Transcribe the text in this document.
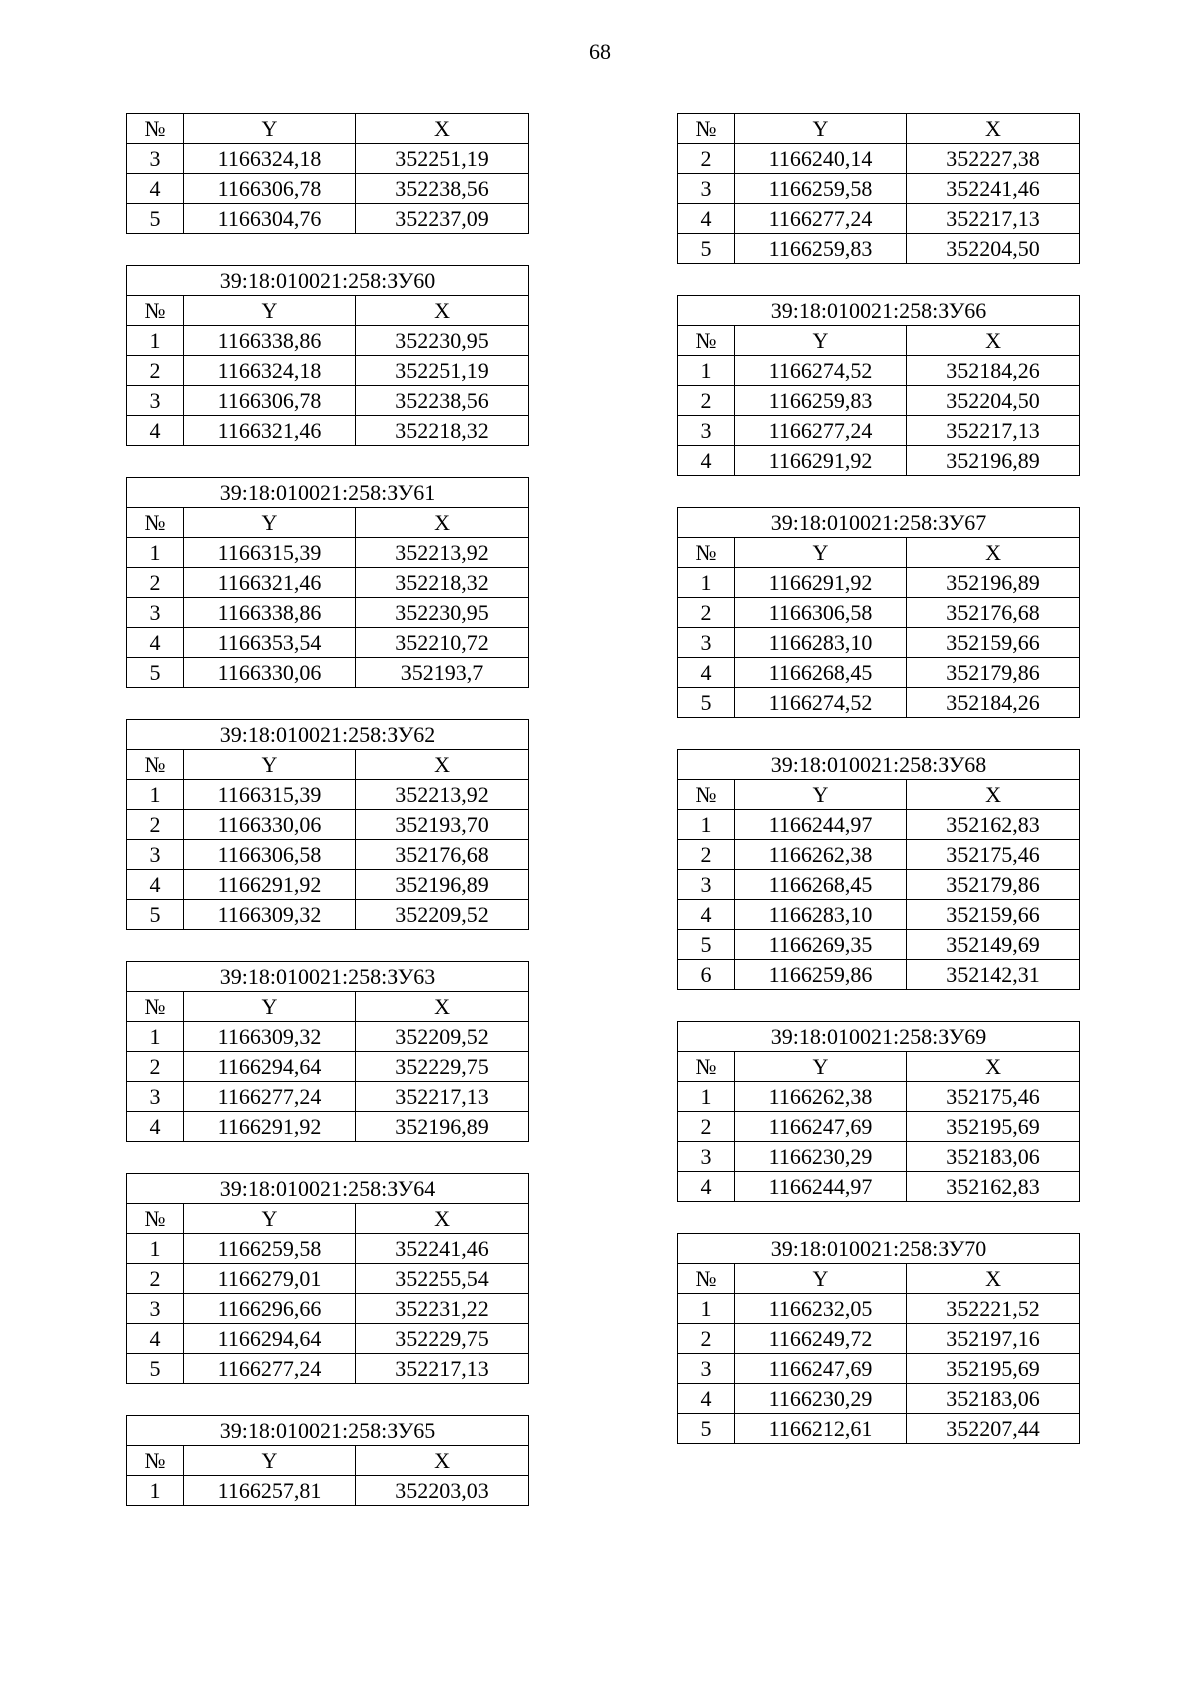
68
№	Y	X
3	1166324,18	352251,19
4	1166306,78	352238,56
5	1166304,76	352237,09
39:18:010021:258:ЗУ60		
№	Y	X
1	1166338,86	352230,95
2	1166324,18	352251,19
3	1166306,78	352238,56
4	1166321,46	352218,32
39:18:010021:258:ЗУ61		
№	Y	X
1	1166315,39	352213,92
2	1166321,46	352218,32
3	1166338,86	352230,95
4	1166353,54	352210,72
5	1166330,06	352193,7
39:18:010021:258:ЗУ62		
№	Y	X
1	1166315,39	352213,92
2	1166330,06	352193,70
3	1166306,58	352176,68
4	1166291,92	352196,89
5	1166309,32	352209,52
39:18:010021:258:ЗУ63		
№	Y	X
1	1166309,32	352209,52
2	1166294,64	352229,75
3	1166277,24	352217,13
4	1166291,92	352196,89
39:18:010021:258:ЗУ64		
№	Y	X
1	1166259,58	352241,46
2	1166279,01	352255,54
3	1166296,66	352231,22
4	1166294,64	352229,75
5	1166277,24	352217,13
39:18:010021:258:ЗУ65		
№	Y	X
1	1166257,81	352203,03
№	Y	X
2	1166240,14	352227,38
3	1166259,58	352241,46
4	1166277,24	352217,13
5	1166259,83	352204,50
39:18:010021:258:ЗУ66		
№	Y	X
1	1166274,52	352184,26
2	1166259,83	352204,50
3	1166277,24	352217,13
4	1166291,92	352196,89
39:18:010021:258:ЗУ67		
№	Y	X
1	1166291,92	352196,89
2	1166306,58	352176,68
3	1166283,10	352159,66
4	1166268,45	352179,86
5	1166274,52	352184,26
39:18:010021:258:ЗУ68		
№	Y	X
1	1166244,97	352162,83
2	1166262,38	352175,46
3	1166268,45	352179,86
4	1166283,10	352159,66
5	1166269,35	352149,69
6	1166259,86	352142,31
39:18:010021:258:ЗУ69		
№	Y	X
1	1166262,38	352175,46
2	1166247,69	352195,69
3	1166230,29	352183,06
4	1166244,97	352162,83
39:18:010021:258:ЗУ70		
№	Y	X
1	1166232,05	352221,52
2	1166249,72	352197,16
3	1166247,69	352195,69
4	1166230,29	352183,06
5	1166212,61	352207,44
